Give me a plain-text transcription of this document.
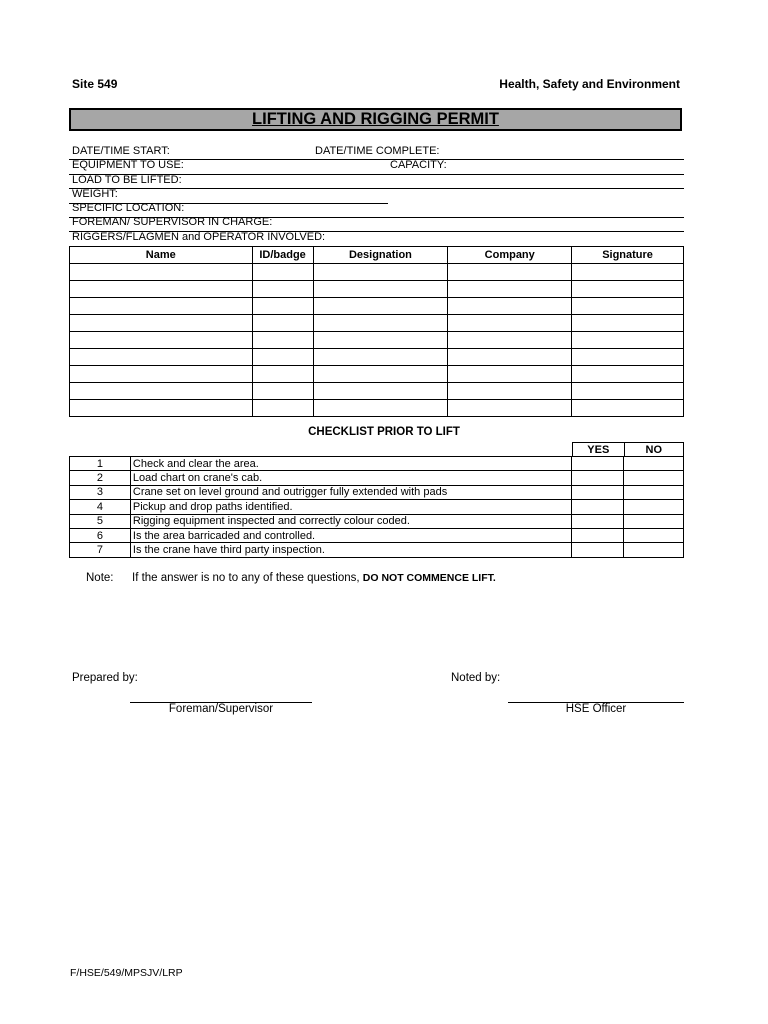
Site 549	Health, Safety and Environment
LIFTING AND RIGGING PERMIT
DATE/TIME START:	DATE/TIME COMPLETE:
EQUIPMENT TO USE:	CAPACITY:
LOAD TO BE LIFTED:
WEIGHT:
SPECIFIC LOCATION:
FOREMAN/ SUPERVISOR IN CHARGE:
RIGGERS/FLAGMEN and OPERATOR INVOLVED:
Name	ID/badge	Designation	Company	Signature

CHECKLIST PRIOR TO LIFT
YES	NO
1	Check and clear the area.		
2	Load chart on crane's cab.		
3	Crane set on level ground and outrigger fully extended with pads		
4	Pickup and drop paths identified.		
5	Rigging equipment inspected and correctly colour coded.		
6	Is the area barricaded and controlled.		
7	Is the crane have third party inspection.		
Note: If the answer is no to any of these questions, DO NOT COMMENCE LIFT.
Prepared by:	Noted by:
Foreman/Supervisor	HSE Officer
F/HSE/549/MPSJV/LRP
